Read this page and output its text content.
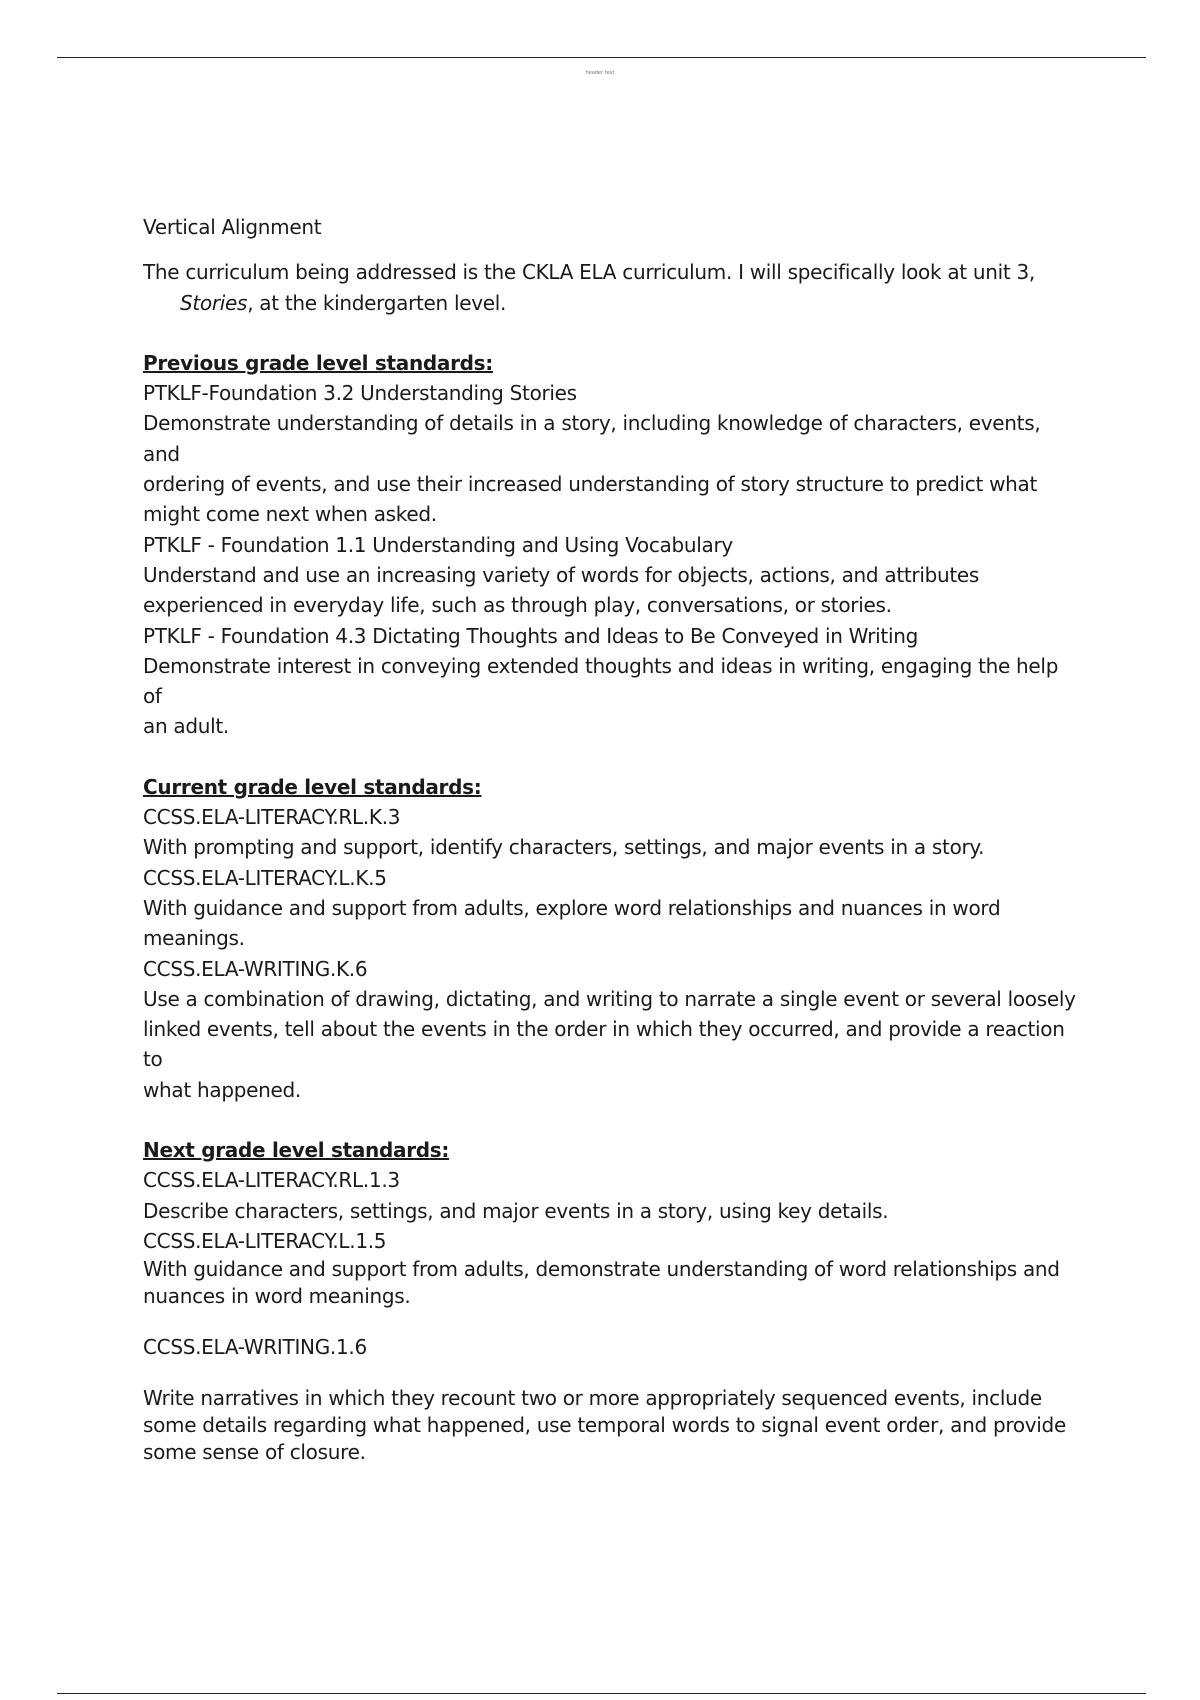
header text

Vertical Alignment

The curriculum being addressed is the CKLA ELA curriculum. I will specifically look at unit 3,

Stories, at the kindergarten level.

Previous grade level standards:

PTKLF-Foundation 3.2 Understanding Stories

Demonstrate understanding of details in a story, including knowledge of characters, events, and

ordering of events, and use their increased understanding of story structure to predict what

might come next when asked.

PTKLF - Foundation 1.1 Understanding and Using Vocabulary

Understand and use an increasing variety of words for objects, actions, and attributes

experienced in everyday life, such as through play, conversations, or stories.

PTKLF - Foundation 4.3 Dictating Thoughts and Ideas to Be Conveyed in Writing

Demonstrate interest in conveying extended thoughts and ideas in writing, engaging the help of

an adult.

Current grade level standards:

CCSS.ELA-LITERACY.RL.K.3

With prompting and support, identify characters, settings, and major events in a story.

CCSS.ELA-LITERACY.L.K.5

With guidance and support from adults, explore word relationships and nuances in word

meanings.

CCSS.ELA-WRITING.K.6

Use a combination of drawing, dictating, and writing to narrate a single event or several loosely

linked events, tell about the events in the order in which they occurred, and provide a reaction to

what happened.

Next grade level standards:

CCSS.ELA-LITERACY.RL.1.3

Describe characters, settings, and major events in a story, using key details.

CCSS.ELA-LITERACY.L.1.5

With guidance and support from adults, demonstrate understanding of word relationships and

nuances in word meanings.

CCSS.ELA-WRITING.1.6

Write narratives in which they recount two or more appropriately sequenced events, include

some details regarding what happened, use temporal words to signal event order, and provide

some sense of closure.
